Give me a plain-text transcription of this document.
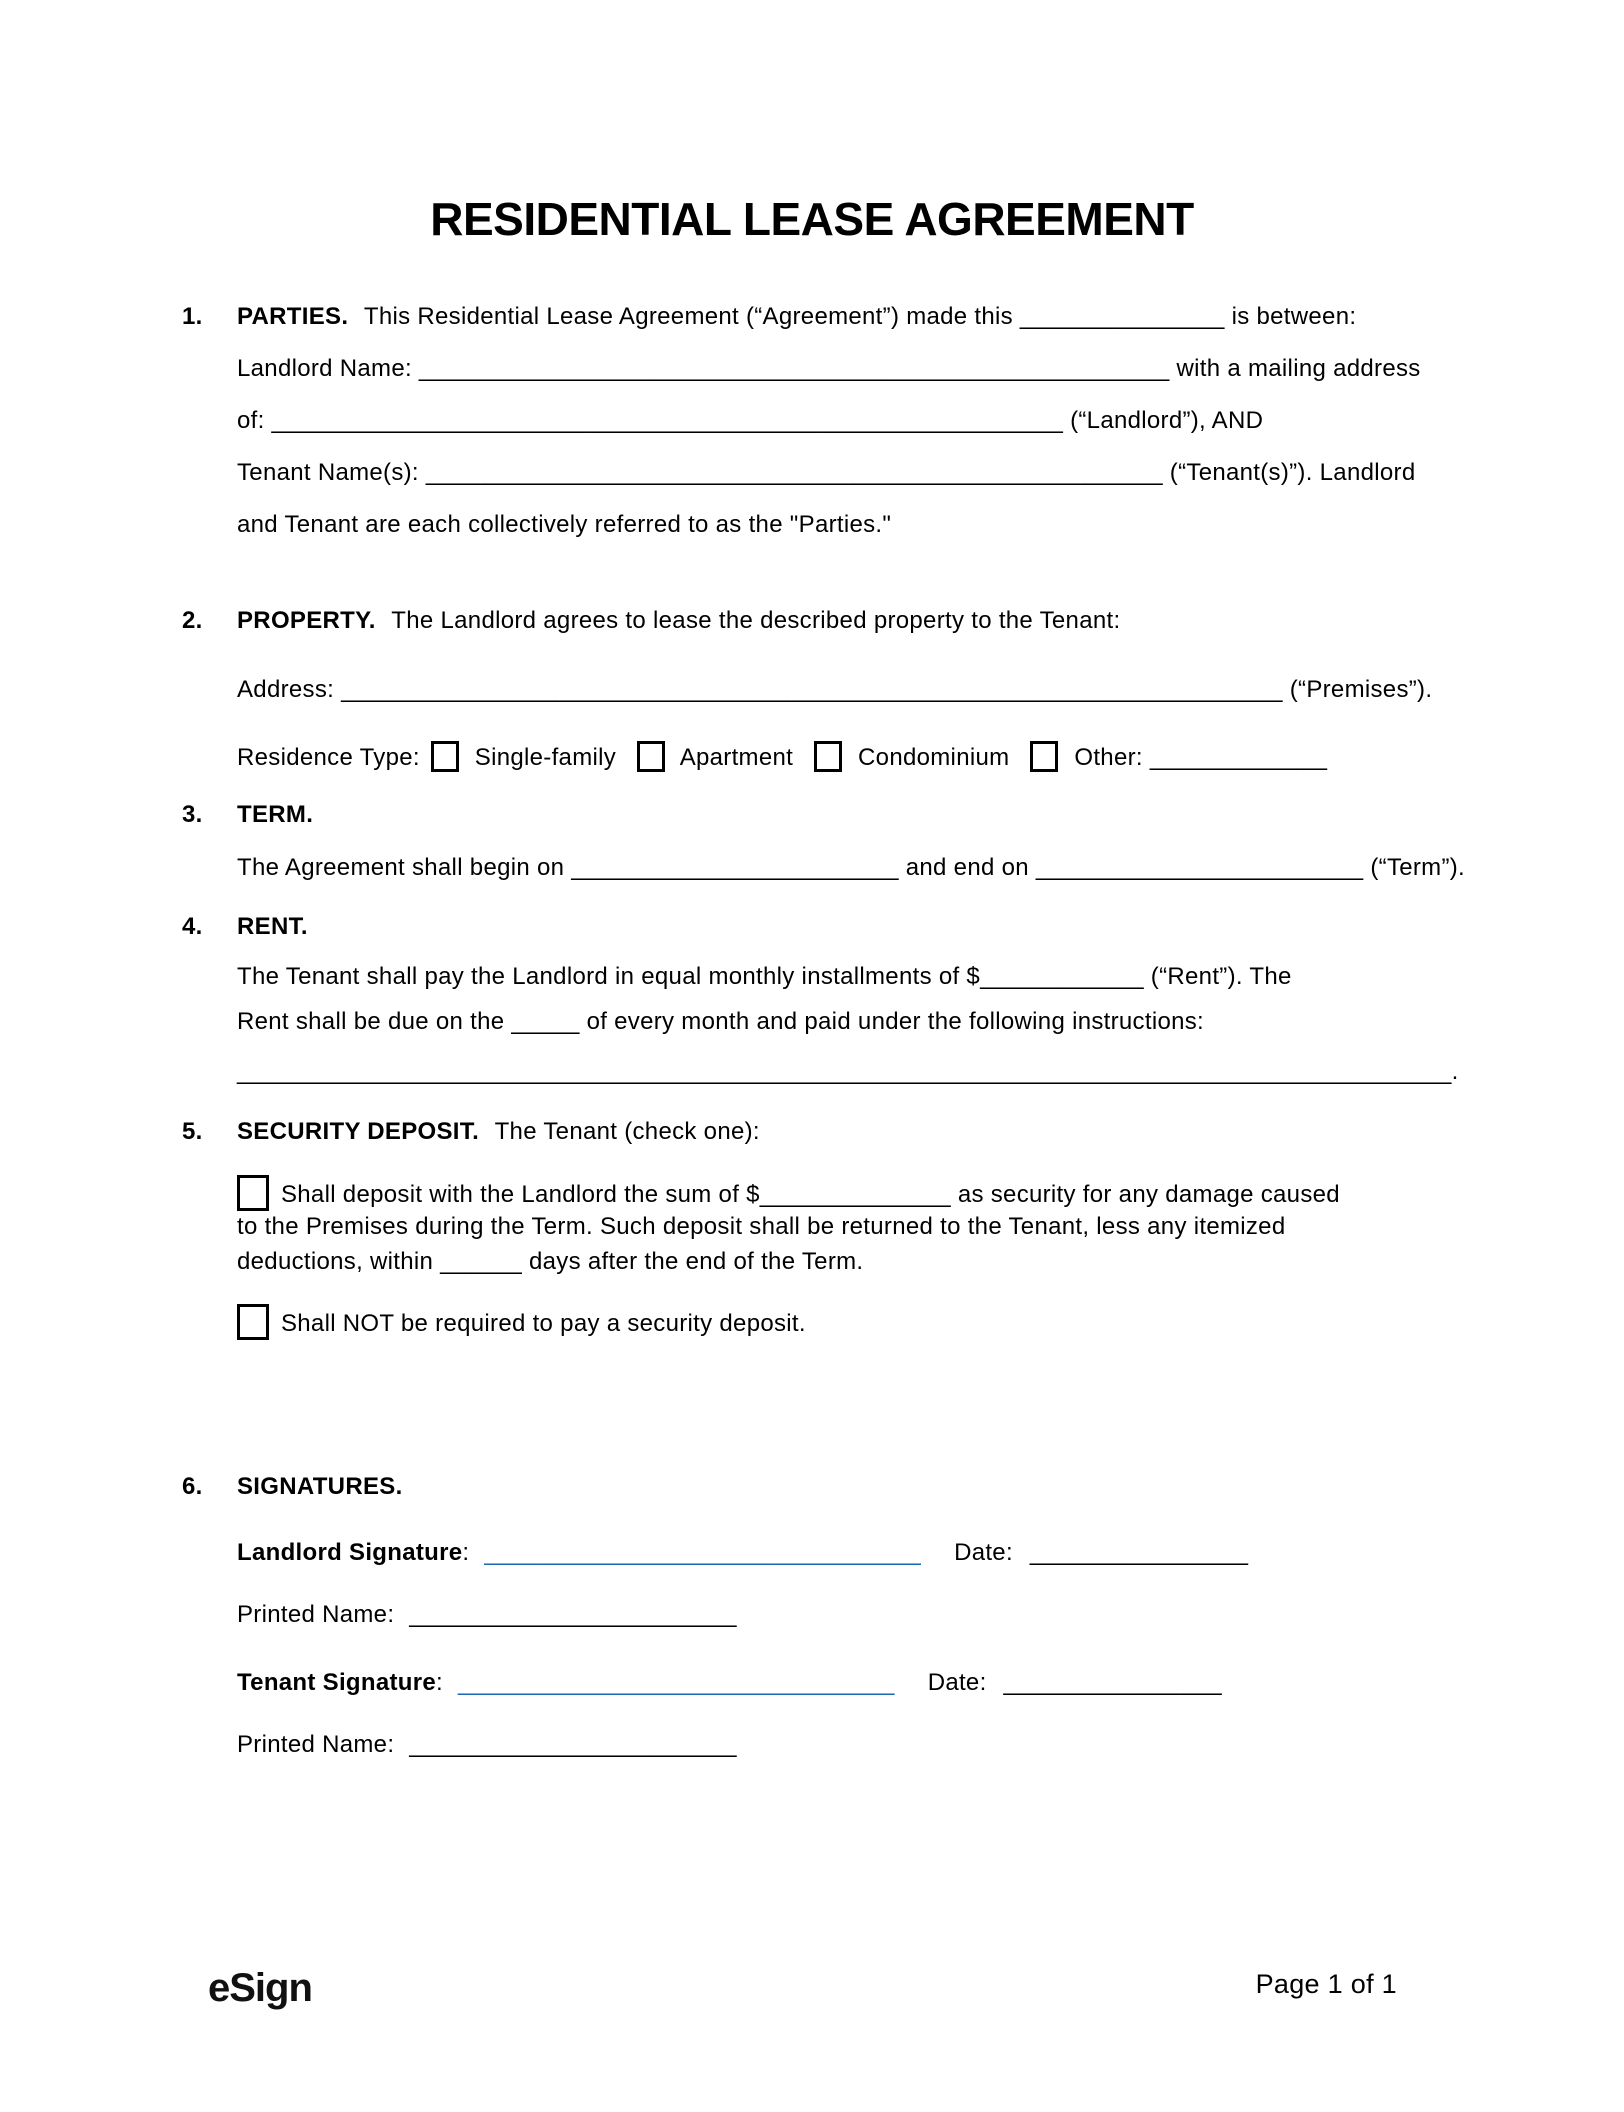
RESIDENTIAL LEASE AGREEMENT
1. PARTIES. This Residential Lease Agreement (“Agreement”) made this _______________ is between:
Landlord Name: _______________________________________________________ with a mailing address
of: __________________________________________________________ (“Landlord”), AND
Tenant Name(s): ______________________________________________________ (“Tenant(s)”). Landlord
and Tenant are each collectively referred to as the "Parties."
2. PROPERTY. The Landlord agrees to lease the described property to the Tenant:
Address: _____________________________________________________________________ (“Premises”).
Residence Type: Single-family	Apartment	Condominium	Other: _____________
3. TERM.
The Agreement shall begin on ________________________ and end on ________________________ (“Term”).
4. RENT.
The Tenant shall pay the Landlord in equal monthly installments of $____________ (“Rent”). The
Rent shall be due on the _____ of every month and paid under the following instructions:
_________________________________________________________________________________________.
5. SECURITY DEPOSIT. The Tenant (check one):
Shall deposit with the Landlord the sum of $______________ as security for any damage caused
to the Premises during the Term. Such deposit shall be returned to the Tenant, less any itemized
deductions, within ______ days after the end of the Term.
Shall NOT be required to pay a security deposit.
6. SIGNATURES.
Landlord Signature: ________________________________ Date: ________________
Printed Name: ________________________
Tenant Signature: ________________________________ Date: ________________
Printed Name: ________________________
eSign	Page 1 of 1
